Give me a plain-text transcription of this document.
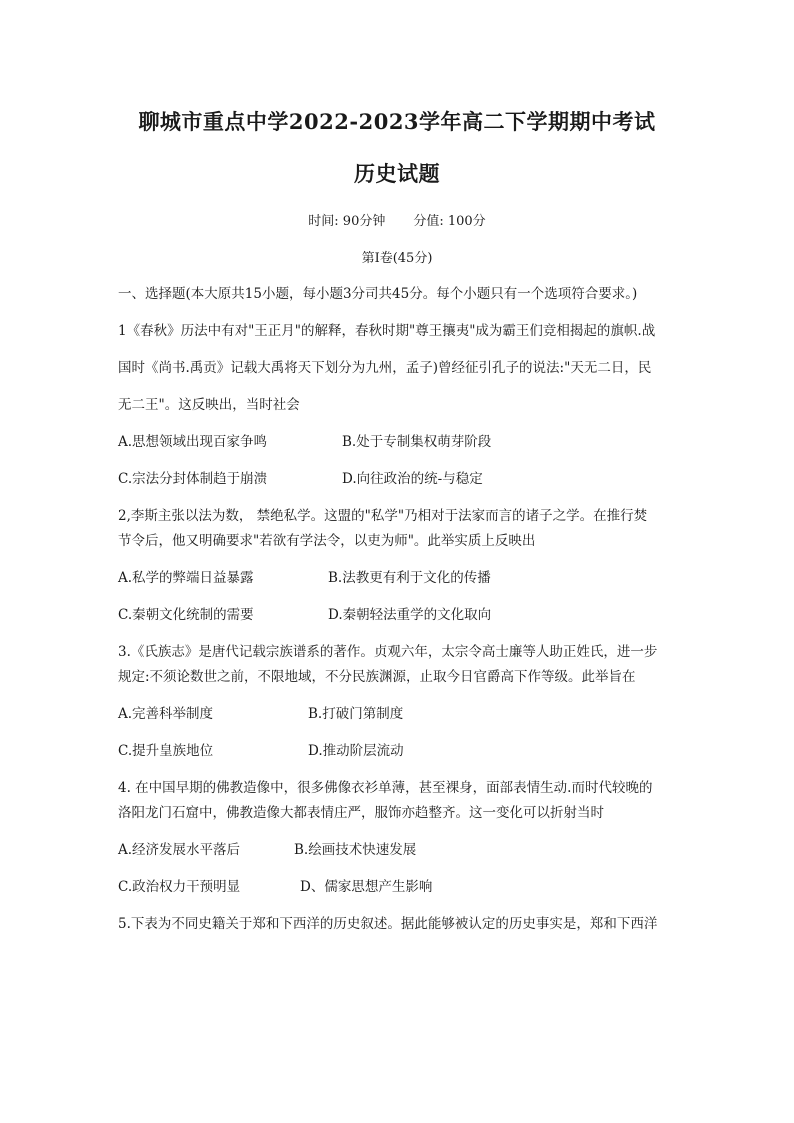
聊城市重点中学2022-2023学年高二下学期期中考试
历史试题
时间: 90分钟 分值: 100分
第I卷(45分)
一、选择题(本大原共15小题，每小题3分司共45分。每个小题只有一个选项符合要求。)
1《春秋》历法中有对"王正月"的解释，春秋时期"尊王攘夷"成为霸王们竞相揭起的旗帜.战
国时《尚书.禹贡》记载大禹将天下划分为九州，孟子)曾经征引孔子的说法:"天无二日，民
无二王"。这反映出，当时社会
A.思想领域出现百家争鸣	B.处于专制集权萌芽阶段
C.宗法分封体制趋于崩溃	D.向往政治的统-与稳定
2,李斯主张以法为数， 禁绝私学。这盟的"私学"乃相对于法家而言的诸子之学。在推行焚
节令后，他又明确要求"若欲有学法令，以吏为师"。此举实质上反映出
A.私学的弊端日益暴露	B.法教更有利于文化的传播
C.秦朝文化统制的需要	D.秦朝轻法重学的文化取向
3.《氏族志》是唐代记载宗族谱系的著作。贞观六年，太宗令高士廉等人助正姓氏，进一步
规定:不须论数世之前，不限地域，不分民族渊源，止取今日官爵高下作等级。此举旨在
A.完善科举制度	B.打破门第制度
C.提升皇族地位	D.推动阶层流动
4. 在中国早期的佛教造像中，很多佛像衣衫单薄，甚至裸身，面部表情生动.而时代较晚的
洛阳龙门石窟中，佛教造像大都表情庄严，服饰亦趋整齐。这一变化可以折射当时
A.经济发展水平落后	B.绘画技术快速发展
C.政治权力干预明显	D、儒家思想产生影响
5.下表为不同史籍关于郑和下西洋的历史叙述。据此能够被认定的历史事实是，郑和下西洋
